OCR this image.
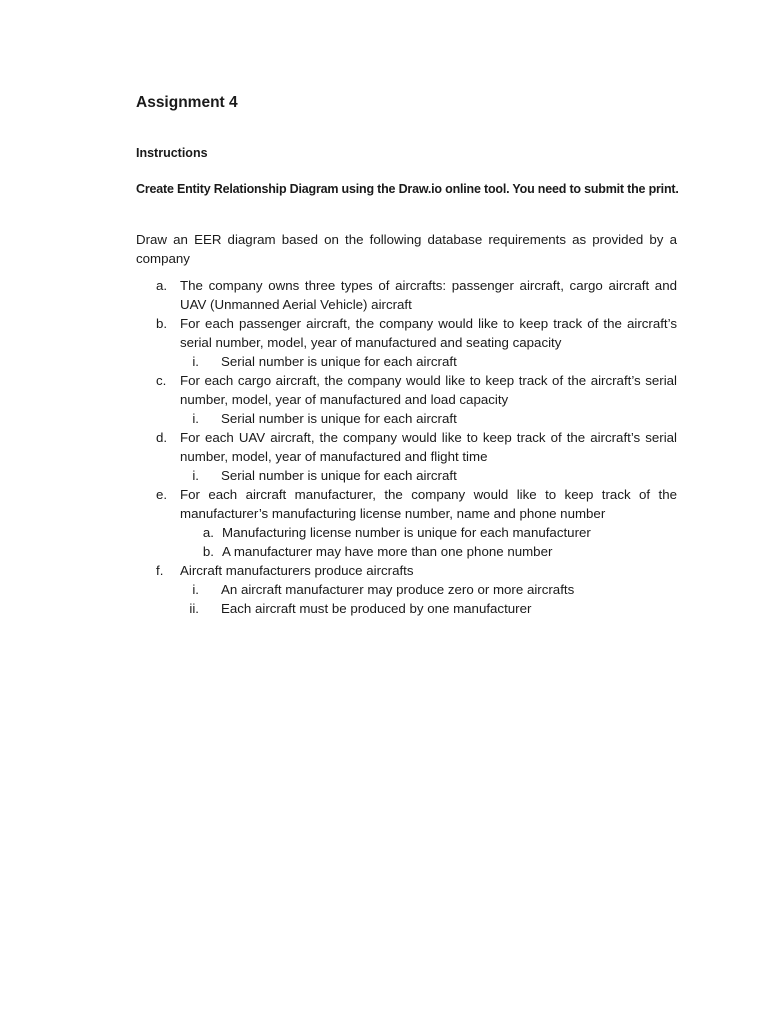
Assignment 4
Instructions
Create Entity Relationship Diagram using the Draw.io online tool. You need to submit the print.
Draw an EER diagram based on the following database requirements as provided by a company
a. The company owns three types of aircrafts: passenger aircraft, cargo aircraft and UAV (Unmanned Aerial Vehicle) aircraft
b. For each passenger aircraft, the company would like to keep track of the aircraft’s serial number, model, year of manufactured and seating capacity
i.	Serial number is unique for each aircraft
c.	For each cargo aircraft, the company would like to keep track of the aircraft’s serial number, model, year of manufactured and load capacity
i.	Serial number is unique for each aircraft
d. For each UAV aircraft, the company would like to keep track of the aircraft’s serial number, model, year of manufactured and flight time
i.	Serial number is unique for each aircraft
e. For each aircraft manufacturer, the company would like to keep track of the manufacturer’s manufacturing license number, name and phone number
a. Manufacturing license number is unique for each manufacturer
b. A manufacturer may have more than one phone number
f.	Aircraft manufacturers produce aircrafts
i.	An aircraft manufacturer may produce zero or more aircrafts
ii.	Each aircraft must be produced by one manufacturer
